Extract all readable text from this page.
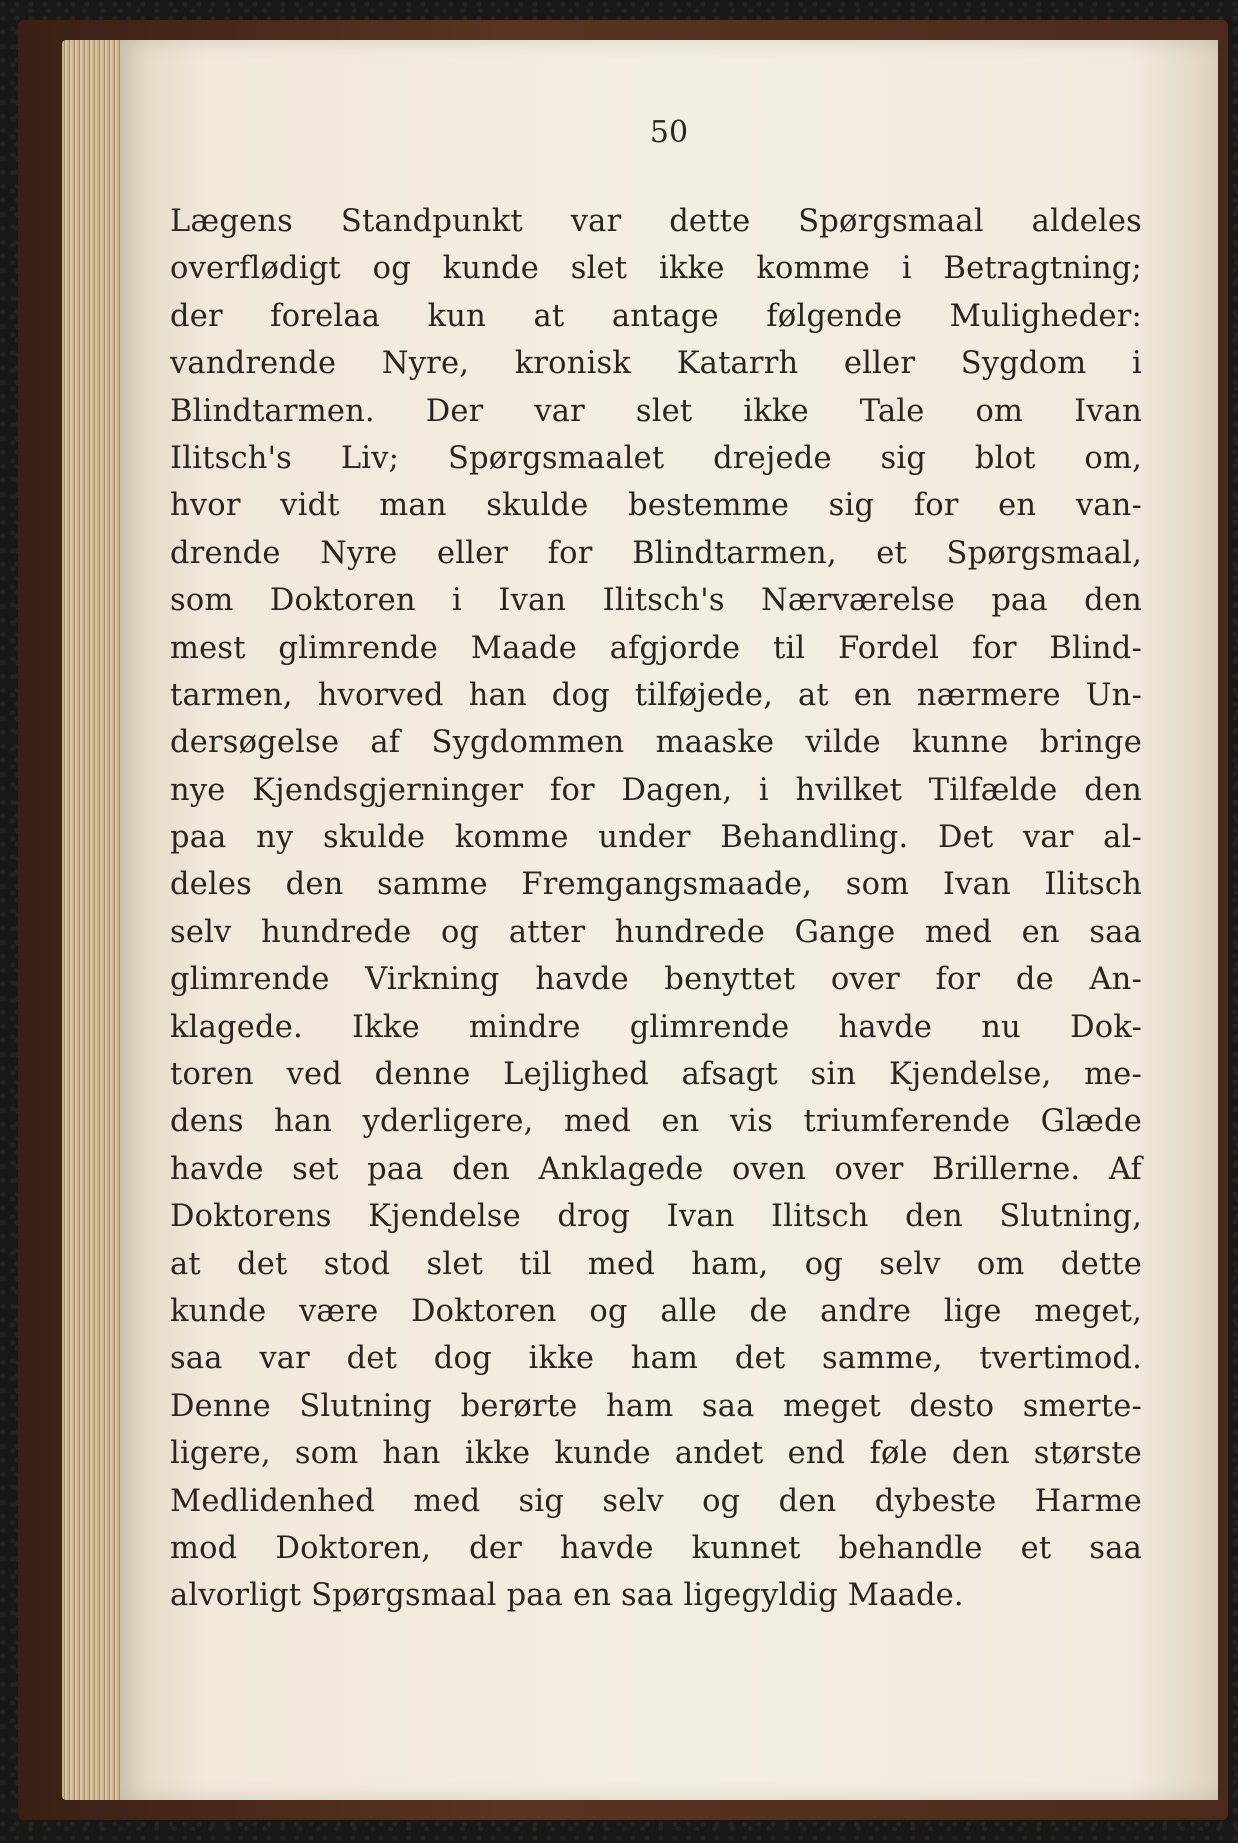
50

Lægens Standpunkt var dette Spørgsmaal aldeles
overflødigt og kunde slet ikke komme i Betragtning;
der forelaa kun at antage følgende Muligheder:
vandrende Nyre, kronisk Katarrh eller Sygdom i
Blindtarmen. Der var slet ikke Tale om Ivan
Ilitsch's Liv; Spørgsmaalet drejede sig blot om,
hvor vidt man skulde bestemme sig for en van-
drende Nyre eller for Blindtarmen, et Spørgsmaal,
som Doktoren i Ivan Ilitsch's Nærværelse paa den
mest glimrende Maade afgjorde til Fordel for Blind-
tarmen, hvorved han dog tilføjede, at en nærmere Un-
dersøgelse af Sygdommen maaske vilde kunne bringe
nye Kjendsgjerninger for Dagen, i hvilket Tilfælde den
paa ny skulde komme under Behandling. Det var al-
deles den samme Fremgangsmaade, som Ivan Ilitsch
selv hundrede og atter hundrede Gange med en saa
glimrende Virkning havde benyttet over for de An-
klagede. Ikke mindre glimrende havde nu Dok-
toren ved denne Lejlighed afsagt sin Kjendelse, me-
dens han yderligere, med en vis triumferende Glæde
havde set paa den Anklagede oven over Brillerne. Af
Doktorens Kjendelse drog Ivan Ilitsch den Slutning,
at det stod slet til med ham, og selv om dette
kunde være Doktoren og alle de andre lige meget,
saa var det dog ikke ham det samme, tvertimod.
Denne Slutning berørte ham saa meget desto smerte-
ligere, som han ikke kunde andet end føle den største
Medlidenhed med sig selv og den dybeste Harme
mod Doktoren, der havde kunnet behandle et saa
alvorligt Spørgsmaal paa en saa ligegyldig Maade.
